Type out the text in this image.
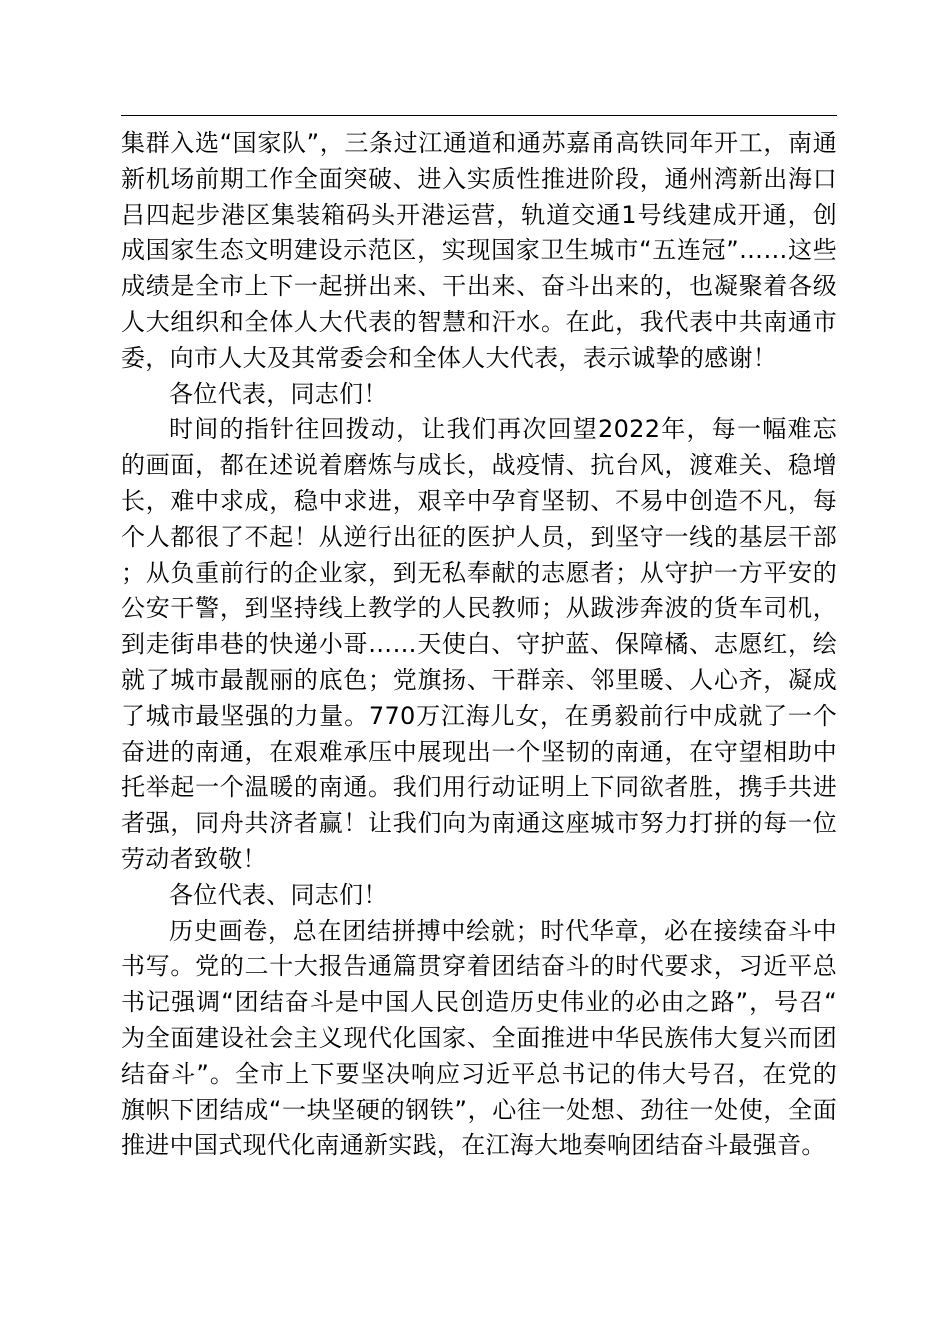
集群入选“国家队”，三条过江通道和通苏嘉甬高铁同年开工，南通新机场前期工作全面突破、进入实质性推进阶段，通州湾新出海口吕四起步港区集装箱码头开港运营，轨道交通1号线建成开通，创成国家生态文明建设示范区，实现国家卫生城市“五连冠”……这些成绩是全市上下一起拼出来、干出来、奋斗出来的，也凝聚着各级人大组织和全体人大代表的智慧和汗水。在此，我代表中共南通市委，向市人大及其常委会和全体人大代表，表示诚挚的感谢！

各位代表，同志们！

时间的指针往回拨动，让我们再次回望2022年，每一幅难忘的画面，都在述说着磨炼与成长，战疫情、抗台风，渡难关、稳增长，难中求成，稳中求进，艰辛中孕育坚韧、不易中创造不凡，每个人都很了不起！从逆行出征的医护人员，到坚守一线的基层干部；从负重前行的企业家，到无私奉献的志愿者；从守护一方平安的公安干警，到坚持线上教学的人民教师；从跋涉奔波的货车司机，到走街串巷的快递小哥……天使白、守护蓝、保障橘、志愿红，绘就了城市最靓丽的底色；党旗扬、干群亲、邻里暖、人心齐，凝成了城市最坚强的力量。770万江海儿女，在勇毅前行中成就了一个奋进的南通，在艰难承压中展现出一个坚韧的南通，在守望相助中托举起一个温暖的南通。我们用行动证明上下同欲者胜，携手共进者强，同舟共济者赢！让我们向为南通这座城市努力打拼的每一位劳动者致敬！

各位代表、同志们！

历史画卷，总在团结拼搏中绘就；时代华章，必在接续奋斗中书写。党的二十大报告通篇贯穿着团结奋斗的时代要求，习近平总书记强调“团结奋斗是中国人民创造历史伟业的必由之路”，号召“为全面建设社会主义现代化国家、全面推进中华民族伟大复兴而团结奋斗”。全市上下要坚决响应习近平总书记的伟大号召，在党的旗帜下团结成“一块坚硬的钢铁”，心往一处想、劲往一处使，全面推进中国式现代化南通新实践，在江海大地奏响团结奋斗最强音。
